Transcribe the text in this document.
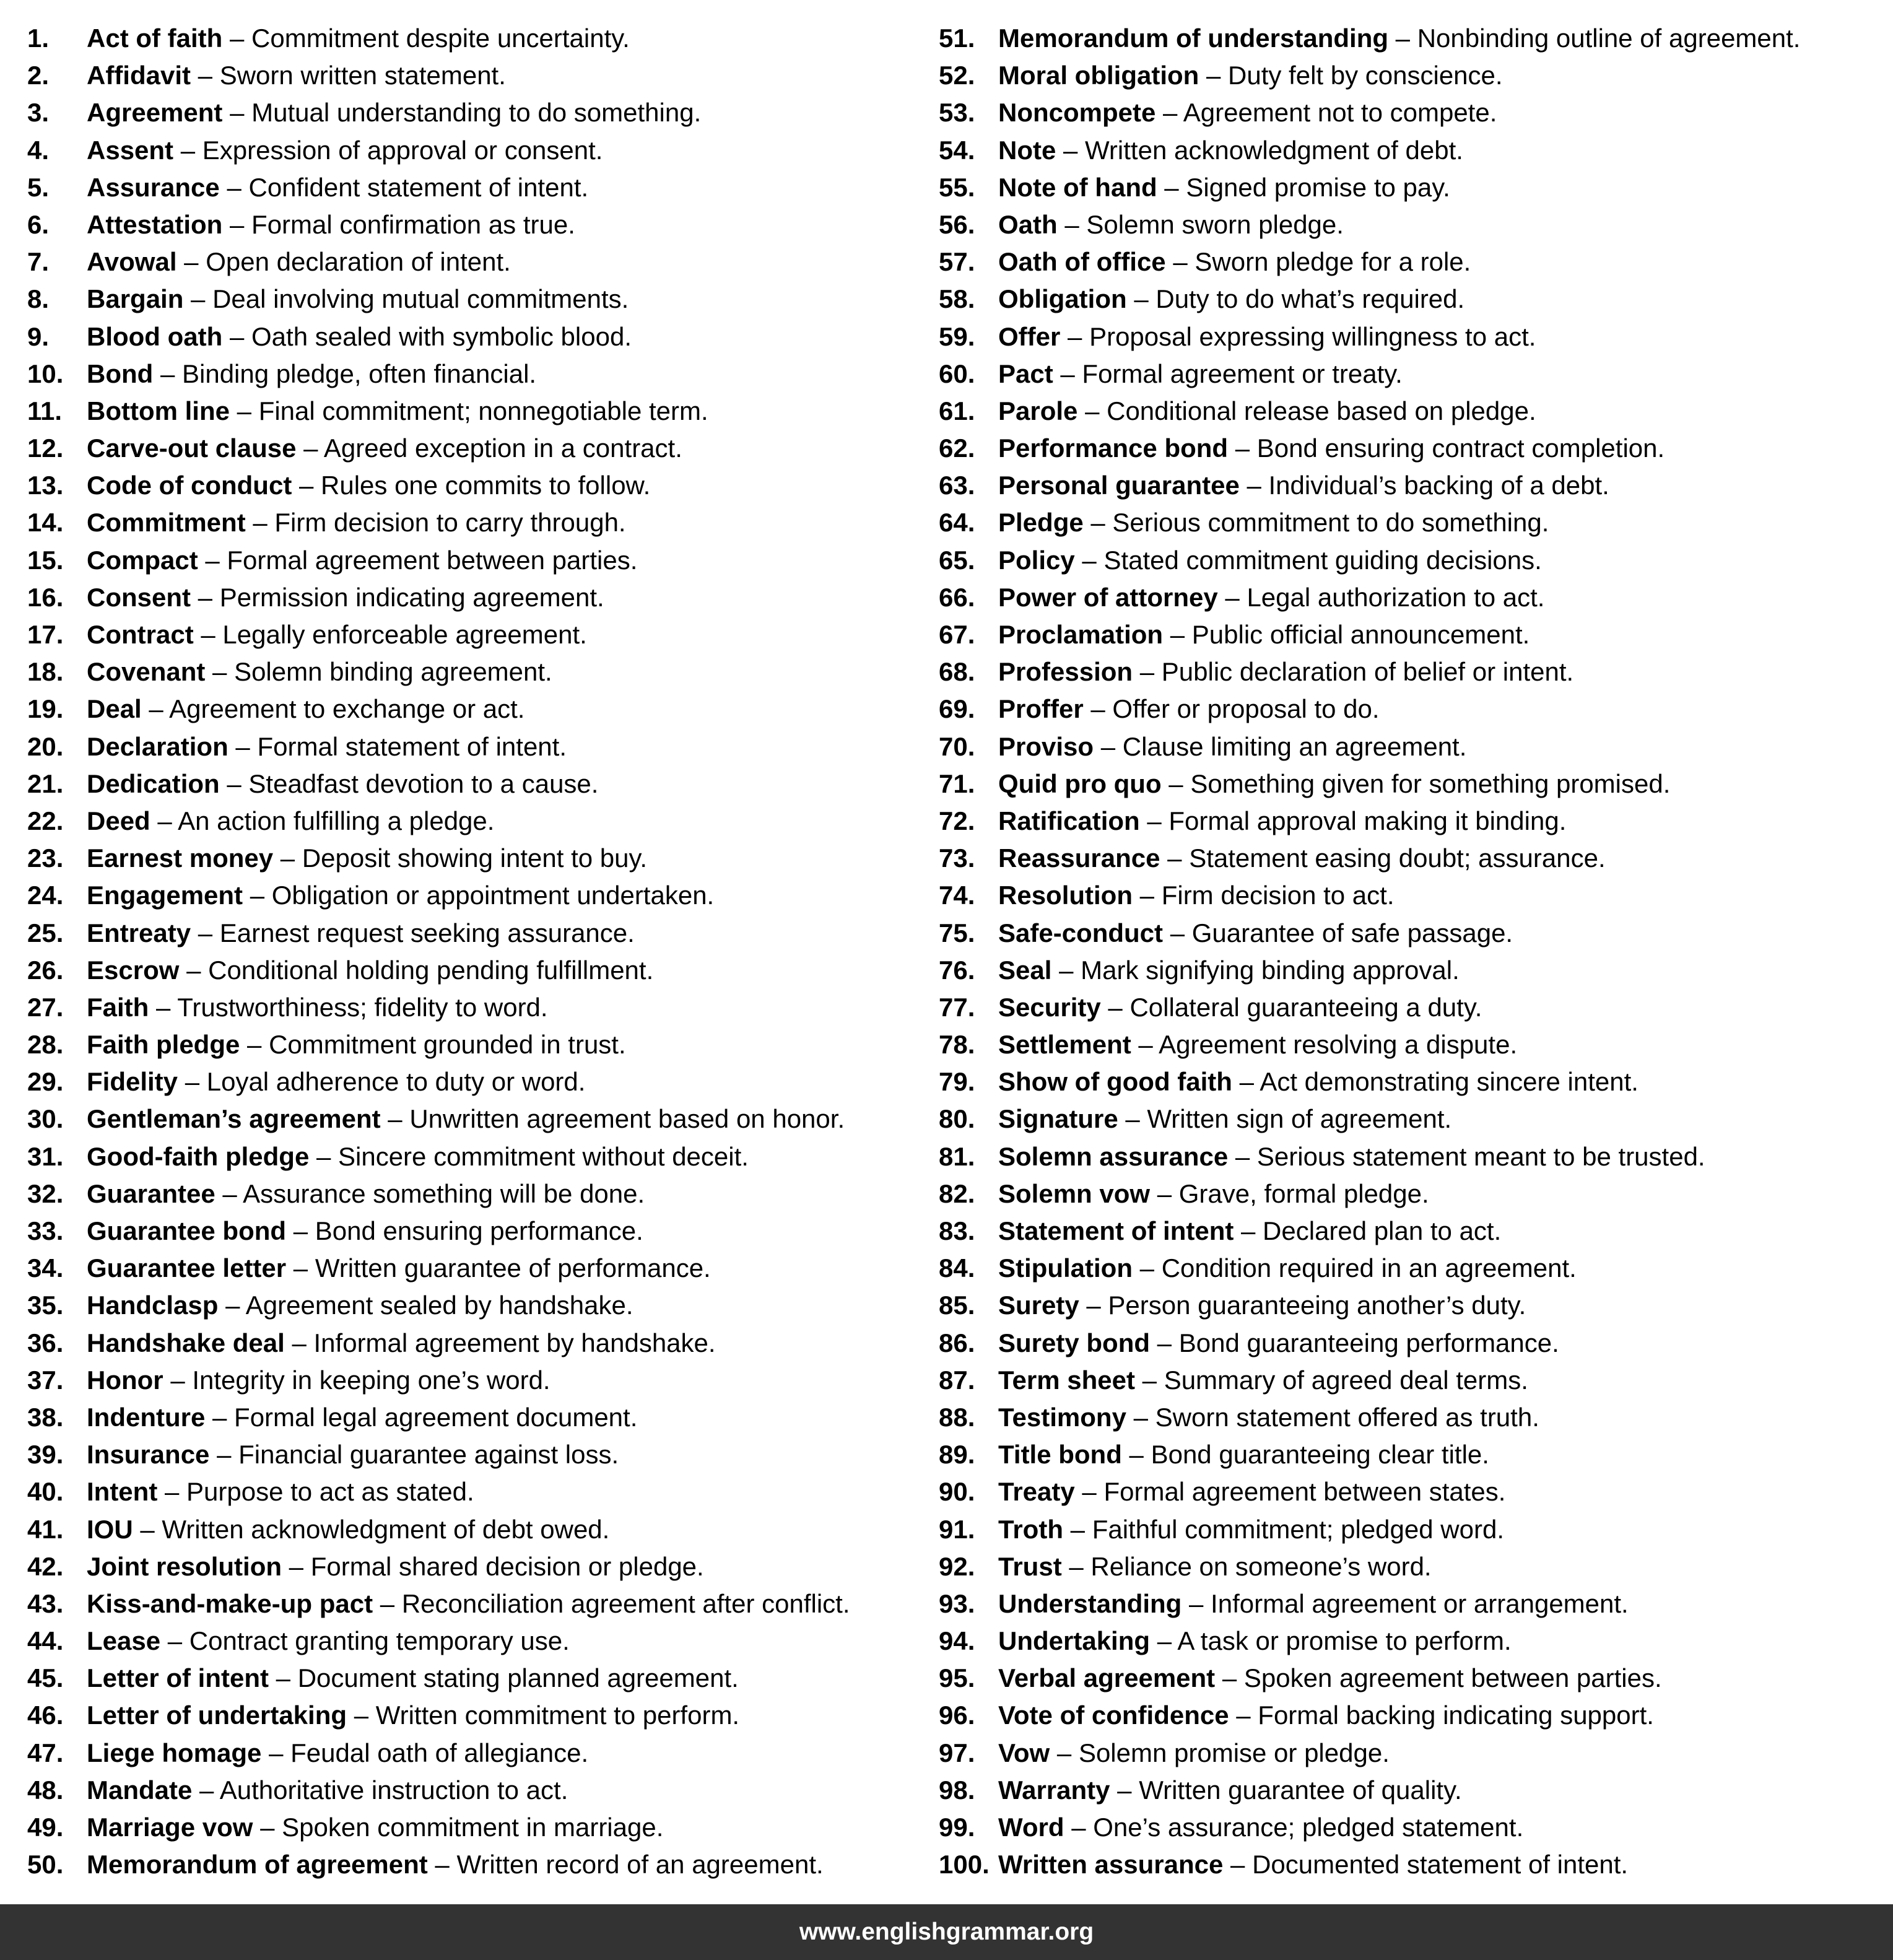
1. Act of faith – Commitment despite uncertainty.
2. Affidavit – Sworn written statement.
3. Agreement – Mutual understanding to do something.
4. Assent – Expression of approval or consent.
5. Assurance – Confident statement of intent.
6. Attestation – Formal confirmation as true.
7. Avowal – Open declaration of intent.
8. Bargain – Deal involving mutual commitments.
9. Blood oath – Oath sealed with symbolic blood.
10. Bond – Binding pledge, often financial.
11. Bottom line – Final commitment; nonnegotiable term.
12. Carve-out clause – Agreed exception in a contract.
13. Code of conduct – Rules one commits to follow.
14. Commitment – Firm decision to carry through.
15. Compact – Formal agreement between parties.
16. Consent – Permission indicating agreement.
17. Contract – Legally enforceable agreement.
18. Covenant – Solemn binding agreement.
19. Deal – Agreement to exchange or act.
20. Declaration – Formal statement of intent.
21. Dedication – Steadfast devotion to a cause.
22. Deed – An action fulfilling a pledge.
23. Earnest money – Deposit showing intent to buy.
24. Engagement – Obligation or appointment undertaken.
25. Entreaty – Earnest request seeking assurance.
26. Escrow – Conditional holding pending fulfillment.
27. Faith – Trustworthiness; fidelity to word.
28. Faith pledge – Commitment grounded in trust.
29. Fidelity – Loyal adherence to duty or word.
30. Gentleman’s agreement – Unwritten agreement based on honor.
31. Good-faith pledge – Sincere commitment without deceit.
32. Guarantee – Assurance something will be done.
33. Guarantee bond – Bond ensuring performance.
34. Guarantee letter – Written guarantee of performance.
35. Handclasp – Agreement sealed by handshake.
36. Handshake deal – Informal agreement by handshake.
37. Honor – Integrity in keeping one’s word.
38. Indenture – Formal legal agreement document.
39. Insurance – Financial guarantee against loss.
40. Intent – Purpose to act as stated.
41. IOU – Written acknowledgment of debt owed.
42. Joint resolution – Formal shared decision or pledge.
43. Kiss-and-make-up pact – Reconciliation agreement after conflict.
44. Lease – Contract granting temporary use.
45. Letter of intent – Document stating planned agreement.
46. Letter of undertaking – Written commitment to perform.
47. Liege homage – Feudal oath of allegiance.
48. Mandate – Authoritative instruction to act.
49. Marriage vow – Spoken commitment in marriage.
50. Memorandum of agreement – Written record of an agreement.
51. Memorandum of understanding – Nonbinding outline of agreement.
52. Moral obligation – Duty felt by conscience.
53. Noncompete – Agreement not to compete.
54. Note – Written acknowledgment of debt.
55. Note of hand – Signed promise to pay.
56. Oath – Solemn sworn pledge.
57. Oath of office – Sworn pledge for a role.
58. Obligation – Duty to do what’s required.
59. Offer – Proposal expressing willingness to act.
60. Pact – Formal agreement or treaty.
61. Parole – Conditional release based on pledge.
62. Performance bond – Bond ensuring contract completion.
63. Personal guarantee – Individual’s backing of a debt.
64. Pledge – Serious commitment to do something.
65. Policy – Stated commitment guiding decisions.
66. Power of attorney – Legal authorization to act.
67. Proclamation – Public official announcement.
68. Profession – Public declaration of belief or intent.
69. Proffer – Offer or proposal to do.
70. Proviso – Clause limiting an agreement.
71. Quid pro quo – Something given for something promised.
72. Ratification – Formal approval making it binding.
73. Reassurance – Statement easing doubt; assurance.
74. Resolution – Firm decision to act.
75. Safe-conduct – Guarantee of safe passage.
76. Seal – Mark signifying binding approval.
77. Security – Collateral guaranteeing a duty.
78. Settlement – Agreement resolving a dispute.
79. Show of good faith – Act demonstrating sincere intent.
80. Signature – Written sign of agreement.
81. Solemn assurance – Serious statement meant to be trusted.
82. Solemn vow – Grave, formal pledge.
83. Statement of intent – Declared plan to act.
84. Stipulation – Condition required in an agreement.
85. Surety – Person guaranteeing another’s duty.
86. Surety bond – Bond guaranteeing performance.
87. Term sheet – Summary of agreed deal terms.
88. Testimony – Sworn statement offered as truth.
89. Title bond – Bond guaranteeing clear title.
90. Treaty – Formal agreement between states.
91. Troth – Faithful commitment; pledged word.
92. Trust – Reliance on someone’s word.
93. Understanding – Informal agreement or arrangement.
94. Undertaking – A task or promise to perform.
95. Verbal agreement – Spoken agreement between parties.
96. Vote of confidence – Formal backing indicating support.
97. Vow – Solemn promise or pledge.
98. Warranty – Written guarantee of quality.
99. Word – One’s assurance; pledged statement.
100. Written assurance – Documented statement of intent.
www.englishgrammar.org
